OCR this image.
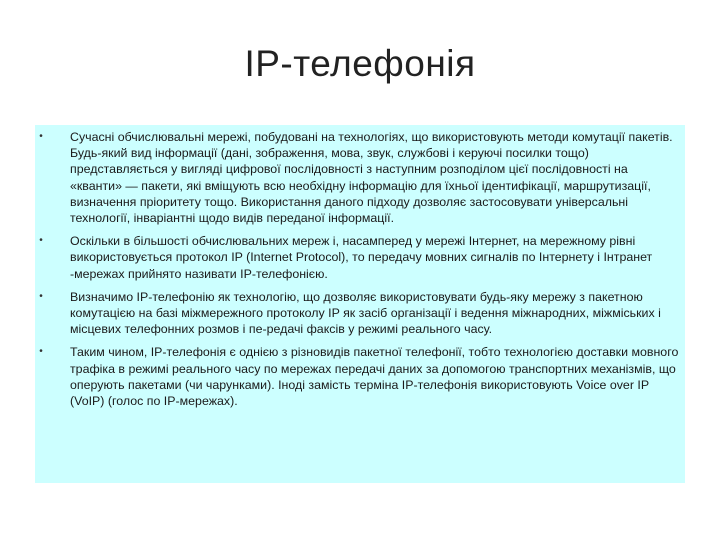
IP-телефонія
•	Сучасні обчислювальні мережі, побудовані на технологіях, що використовують методи комутації пакетів. Будь-який вид інформації (дані, зображення, мова, звук, службові і керуючі посилки тощо) представляється у вигляді цифрової послідовності з наступним розподілом цієї послідовності на «кванти» — пакети, які вміщують всю необхідну інформацію для їхньої ідентифікації, маршрутизації, визначення пріоритету тощо. Використання даного підходу дозволяє застосовувати універсальні технології, інваріантні щодо видів переданої інформації.
•	Оскільки в більшості обчислювальних мереж і, насамперед у мережі Інтернет, на мережному рівні використовується протокол IP (Internet Protocol), то передачу мовних сигналів по Інтернету і Інтранет -мережах прийнято називати IP-телефонією.
•	Визначимо IP-телефонію як технологію, що дозволяє використовувати будь-яку мережу з пакетною комутацією на базі міжмережного протоколу IP як засіб організації і ведення міжнародних, міжміських і місцевих телефонних розмов і пе-редачі факсів у режимі реального часу.
•	Таким чином, IP-телефонія є однією з різновидів пакетної телефонії, тобто технологією доставки мовного трафіка в режимі реального часу по мережах передачі даних за допомогою транспортних механізмів, що оперують пакетами (чи чарунками). Іноді замість терміна IP-телефонія використовують Voice over IP (VoIP) (голос по IP-мережах).
